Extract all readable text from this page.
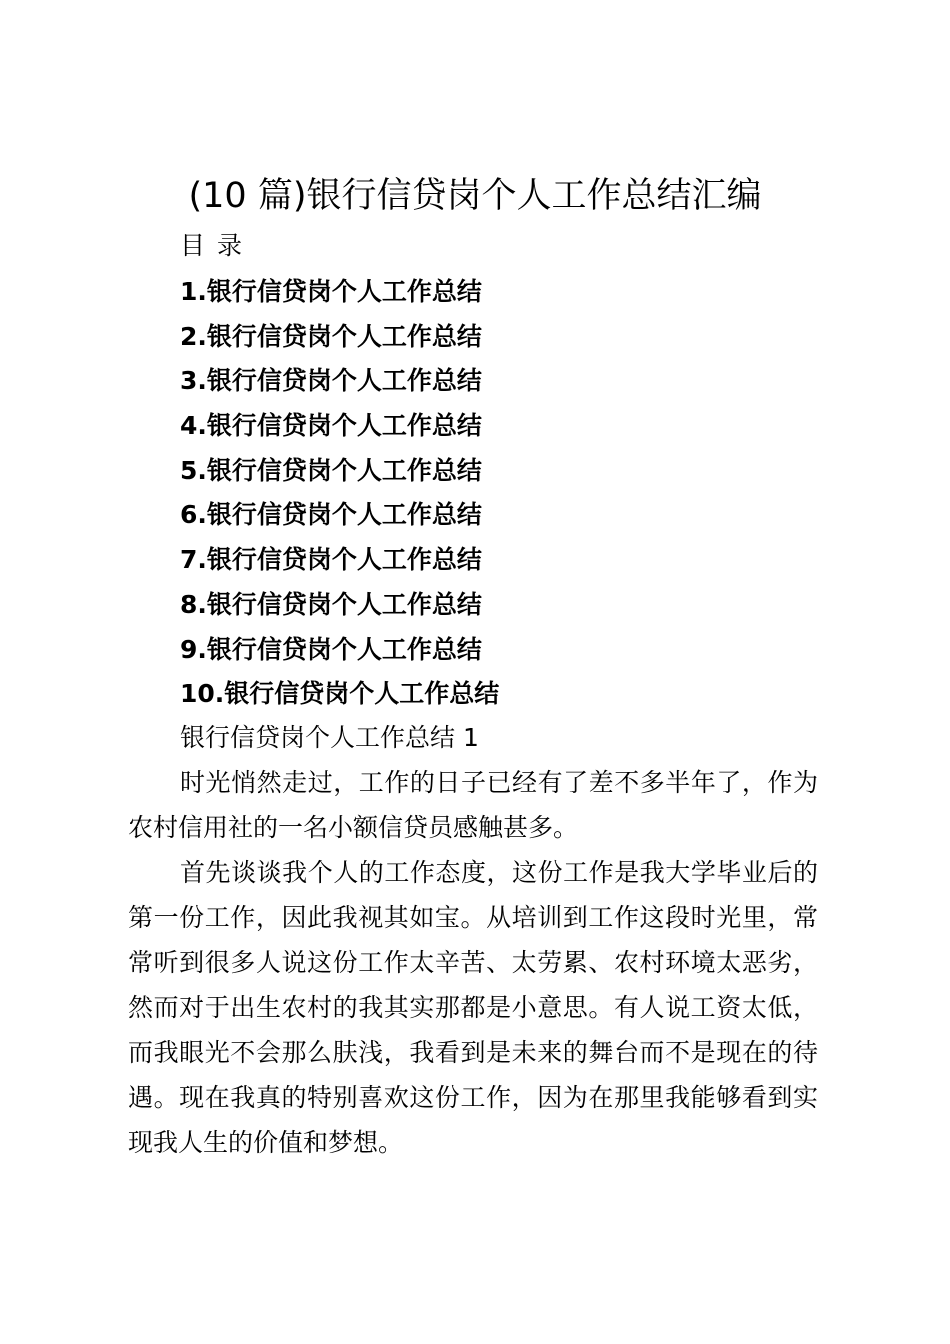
(10 篇)银行信贷岗个人工作总结汇编
目 录
1.银行信贷岗个人工作总结
2.银行信贷岗个人工作总结
3.银行信贷岗个人工作总结
4.银行信贷岗个人工作总结
5.银行信贷岗个人工作总结
6.银行信贷岗个人工作总结
7.银行信贷岗个人工作总结
8.银行信贷岗个人工作总结
9.银行信贷岗个人工作总结
10.银行信贷岗个人工作总结
银行信贷岗个人工作总结 1

时光悄然走过，工作的日子已经有了差不多半年了，作为农村信用社的一名小额信贷员感触甚多。

首先谈谈我个人的工作态度，这份工作是我大学毕业后的第一份工作，因此我视其如宝。从培训到工作这段时光里，常常听到很多人说这份工作太辛苦、太劳累、农村环境太恶劣，然而对于出生农村的我其实那都是小意思。有人说工资太低，而我眼光不会那么肤浅，我看到是未来的舞台而不是现在的待遇。现在我真的特别喜欢这份工作，因为在那里我能够看到实现我人生的价值和梦想。
